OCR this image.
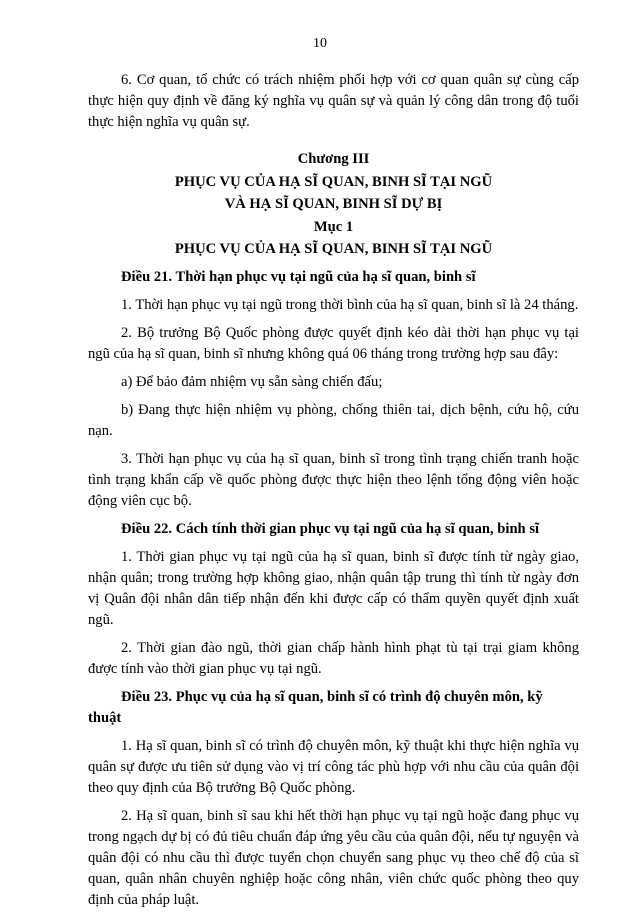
10

6. Cơ quan, tổ chức có trách nhiệm phối hợp với cơ quan quân sự cùng cấp thực hiện quy định về đăng ký nghĩa vụ quân sự và quản lý công dân trong độ tuổi thực hiện nghĩa vụ quân sự.

Chương III

PHỤC VỤ CỦA HẠ SĨ QUAN, BINH SĨ TẠI NGŨ

VÀ HẠ SĨ QUAN, BINH SĨ DỰ BỊ

Mục 1

PHỤC VỤ CỦA HẠ SĨ QUAN, BINH SĨ TẠI NGŨ

Điều 21. Thời hạn phục vụ tại ngũ của hạ sĩ quan, binh sĩ

1. Thời hạn phục vụ tại ngũ trong thời bình của hạ sĩ quan, binh sĩ là 24 tháng.

2. Bộ trưởng Bộ Quốc phòng được quyết định kéo dài thời hạn phục vụ tại ngũ của hạ sĩ quan, binh sĩ nhưng không quá 06 tháng trong trường hợp sau đây:

a) Để bảo đảm nhiệm vụ sẵn sàng chiến đấu;

b) Đang thực hiện nhiệm vụ phòng, chống thiên tai, dịch bệnh, cứu hộ, cứu nạn.

3. Thời hạn phục vụ của hạ sĩ quan, binh sĩ trong tình trạng chiến tranh hoặc tình trạng khẩn cấp về quốc phòng được thực hiện theo lệnh tổng động viên hoặc động viên cục bộ.

Điều 22. Cách tính thời gian phục vụ tại ngũ của hạ sĩ quan, binh sĩ

1. Thời gian phục vụ tại ngũ của hạ sĩ quan, binh sĩ được tính từ ngày giao, nhận quân; trong trường hợp không giao, nhận quân tập trung thì tính từ ngày đơn vị Quân đội nhân dân tiếp nhận đến khi được cấp có thẩm quyền quyết định xuất ngũ.

2. Thời gian đào ngũ, thời gian chấp hành hình phạt tù tại trại giam không được tính vào thời gian phục vụ tại ngũ.

Điều 23. Phục vụ của hạ sĩ quan, binh sĩ có trình độ chuyên môn, kỹ thuật

1. Hạ sĩ quan, binh sĩ có trình độ chuyên môn, kỹ thuật khi thực hiện nghĩa vụ quân sự được ưu tiên sử dụng vào vị trí công tác phù hợp với nhu cầu của quân đội theo quy định của Bộ trưởng Bộ Quốc phòng.

2. Hạ sĩ quan, binh sĩ sau khi hết thời hạn phục vụ tại ngũ hoặc đang phục vụ trong ngạch dự bị có đủ tiêu chuẩn đáp ứng yêu cầu của quân đội, nếu tự nguyện và quân đội có nhu cầu thì được tuyển chọn chuyển sang phục vụ theo chế độ của sĩ quan, quân nhân chuyên nghiệp hoặc công nhân, viên chức quốc phòng theo quy định của pháp luật.
